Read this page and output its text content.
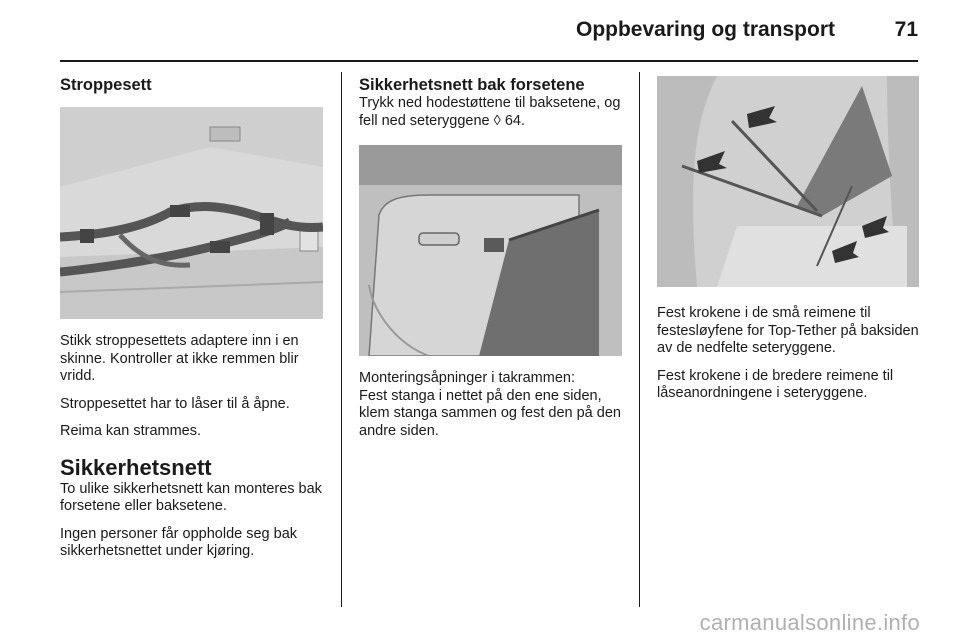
Oppbevaring og transport	71
Stroppesett

Stikk stroppesettets adaptere inn i en skinne. Kontroller at ikke remmen blir vridd.

Stroppesettet har to låser til å åpne.

Reima kan strammes.

Sikkerhetsnett

To ulike sikkerhetsnett kan monteres bak forsetene eller baksetene.

Ingen personer får oppholde seg bak sikkerhetsnettet under kjøring.

Sikkerhetsnett bak forsetene

Trykk ned hodestøttene til baksetene, og fell ned seteryggene ◊ 64.

Monteringsåpninger i takrammen:

Fest stanga i nettet på den ene siden, klem stanga sammen og fest den på den andre siden.

Fest krokene i de små reimene til festesløyfene for Top-Tether på baksiden av de nedfelte seteryggene.

Fest krokene i de bredere reimene til låseanordningene i seteryggene.

carmanualsonline.info
